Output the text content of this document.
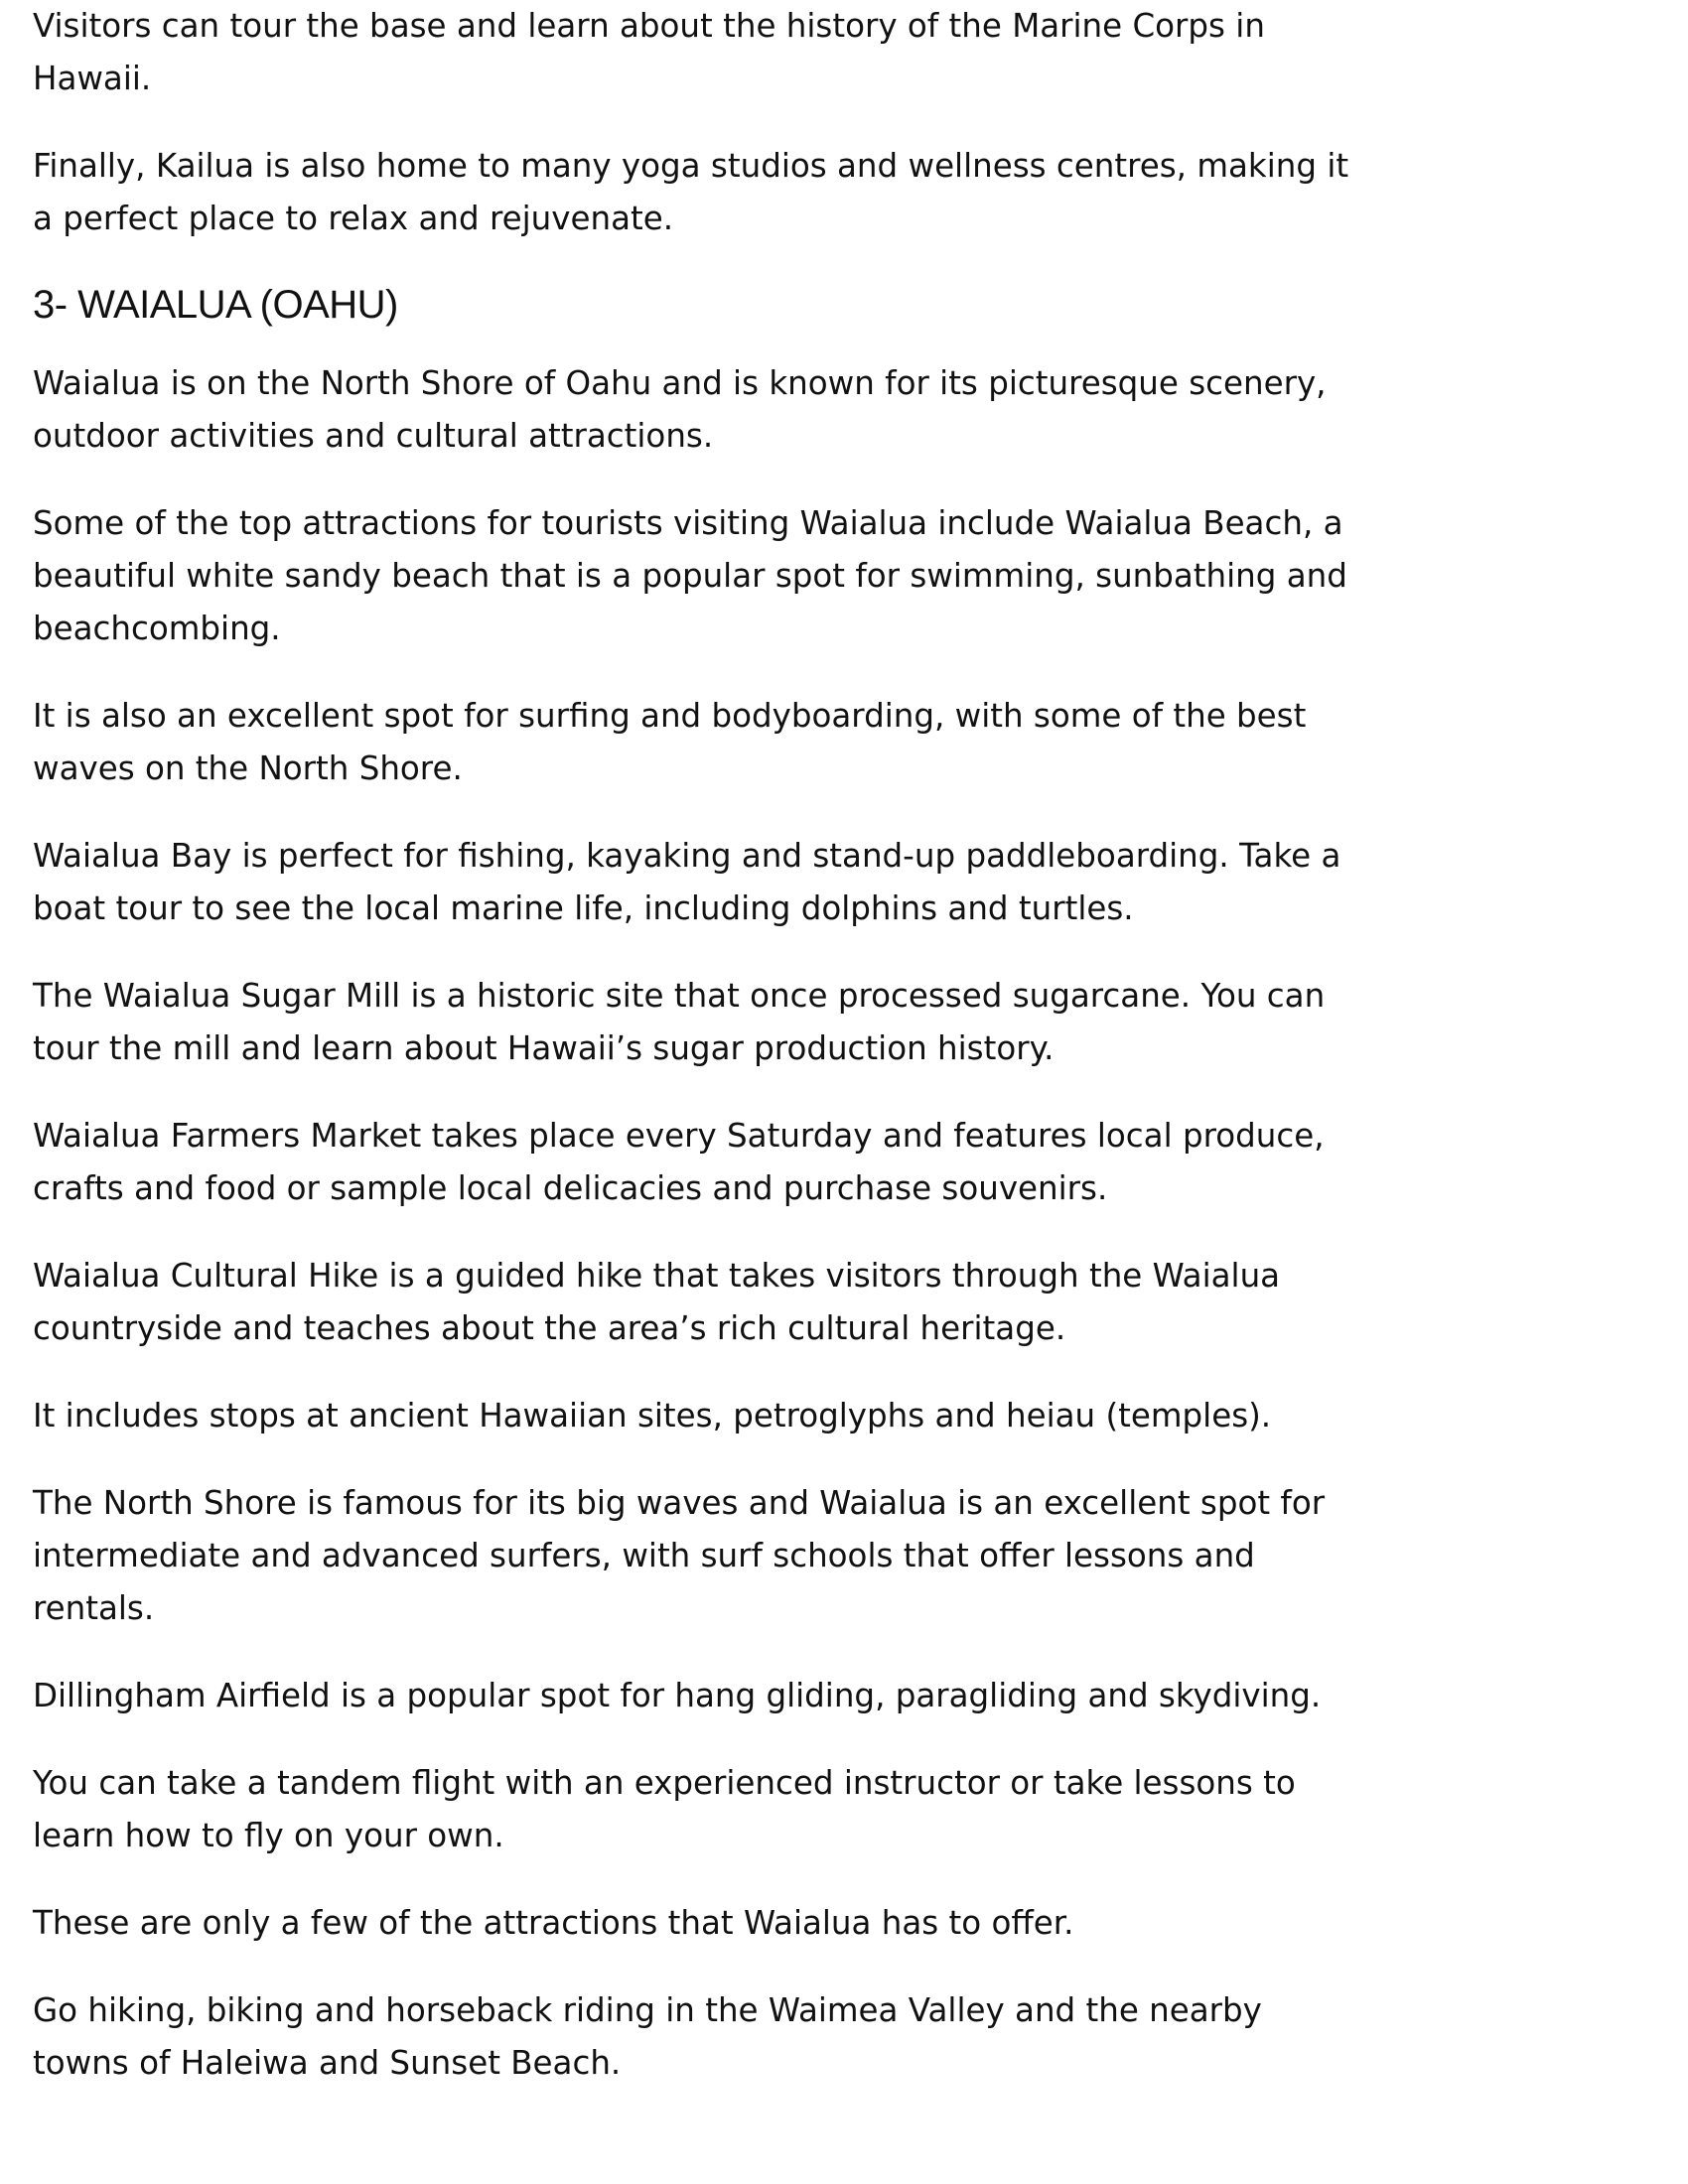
Visitors can tour the base and learn about the history of the Marine Corps in Hawaii.

Finally, Kailua is also home to many yoga studios and wellness centres, making it a perfect place to relax and rejuvenate.

3- WAIALUA (OAHU)

Waialua is on the North Shore of Oahu and is known for its picturesque scenery, outdoor activities and cultural attractions.

Some of the top attractions for tourists visiting Waialua include Waialua Beach, a beautiful white sandy beach that is a popular spot for swimming, sunbathing and beachcombing.

It is also an excellent spot for surfing and bodyboarding, with some of the best waves on the North Shore.

Waialua Bay is perfect for fishing, kayaking and stand-up paddleboarding. Take a boat tour to see the local marine life, including dolphins and turtles.

The Waialua Sugar Mill is a historic site that once processed sugarcane. You can tour the mill and learn about Hawaii’s sugar production history.

Waialua Farmers Market takes place every Saturday and features local produce, crafts and food or sample local delicacies and purchase souvenirs.

Waialua Cultural Hike is a guided hike that takes visitors through the Waialua countryside and teaches about the area’s rich cultural heritage.

It includes stops at ancient Hawaiian sites, petroglyphs and heiau (temples).

The North Shore is famous for its big waves and Waialua is an excellent spot for intermediate and advanced surfers, with surf schools that offer lessons and rentals.

Dillingham Airfield is a popular spot for hang gliding, paragliding and skydiving.

You can take a tandem flight with an experienced instructor or take lessons to learn how to fly on your own.

These are only a few of the attractions that Waialua has to offer.

Go hiking, biking and horseback riding in the Waimea Valley and the nearby towns of Haleiwa and Sunset Beach.
